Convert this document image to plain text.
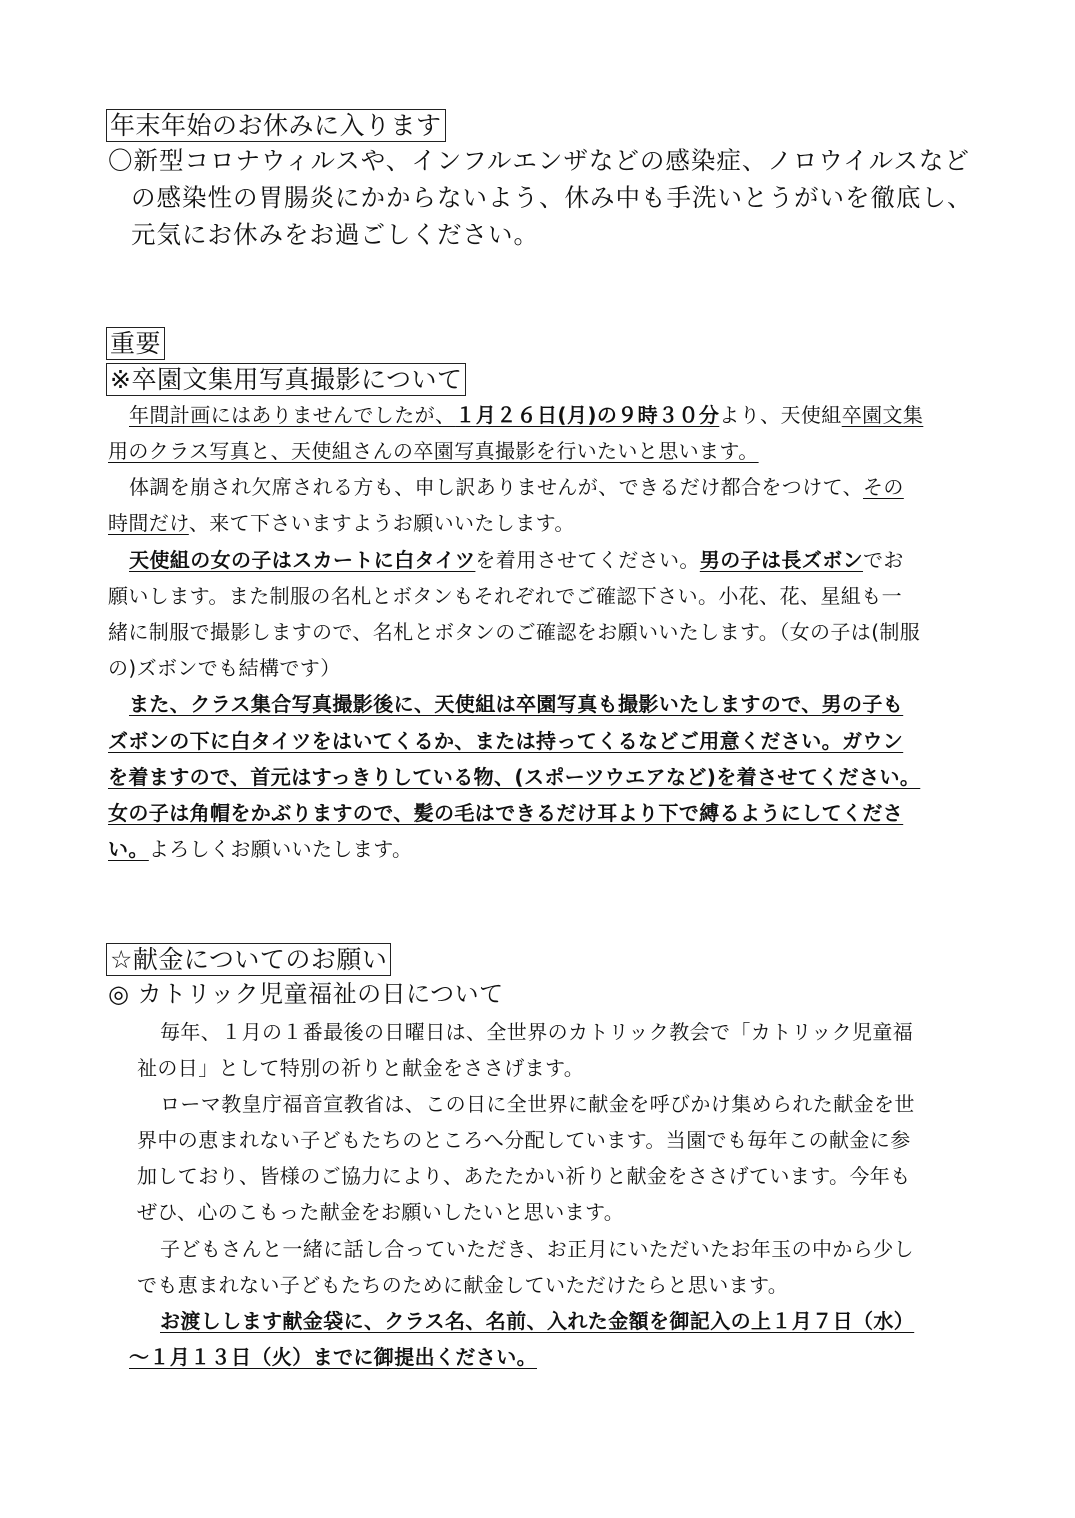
年末年始のお休みに入ります
〇新型コロナウィルスや、インフルエンザなどの感染症、ノロウイルスなど
の感染性の胃腸炎にかからないよう、休み中も手洗いとうがいを徹底し、
元気にお休みをお過ごしください。
重要
※卒園文集用写真撮影について
年間計画にはありませんでしたが、１月２６日(月)の９時３０分より、天使組卒園文集
用のクラス写真と、天使組さんの卒園写真撮影を行いたいと思います。
体調を崩され欠席される方も、申し訳ありませんが、できるだけ都合をつけて、その
時間だけ、来て下さいますようお願いいたします。
天使組の女の子はスカートに白タイツを着用させてください。男の子は長ズボンでお
願いします。また制服の名札とボタンもそれぞれでご確認下さい。小花、花、星組も一
緒に制服で撮影しますので、名札とボタンのご確認をお願いいたします。（女の子は(制服
の)ズボンでも結構です）
また、クラス集合写真撮影後に、天使組は卒園写真も撮影いたしますので、男の子も
ズボンの下に白タイツをはいてくるか、または持ってくるなどご用意ください。ガウン
を着ますので、首元はすっきりしている物、(スポーツウエアなど)を着させてください。
女の子は角帽をかぶりますので、髪の毛はできるだけ耳より下で縛るようにしてくださ
い。よろしくお願いいたします。
☆献金についてのお願い
◎ カトリック児童福祉の日について
毎年、１月の１番最後の日曜日は、全世界のカトリック教会で「カトリック児童福
祉の日」として特別の祈りと献金をささげます。
ローマ教皇庁福音宣教省は、この日に全世界に献金を呼びかけ集められた献金を世
界中の恵まれない子どもたちのところへ分配しています。当園でも毎年この献金に参
加しており、皆様のご協力により、あたたかい祈りと献金をささげています。今年も
ぜひ、心のこもった献金をお願いしたいと思います。
子どもさんと一緒に話し合っていただき、お正月にいただいたお年玉の中から少し
でも恵まれない子どもたちのために献金していただけたらと思います。
お渡しします献金袋に、クラス名、名前、入れた金額を御記入の上１月７日（水）
～１月１３日（火）までに御提出ください。
